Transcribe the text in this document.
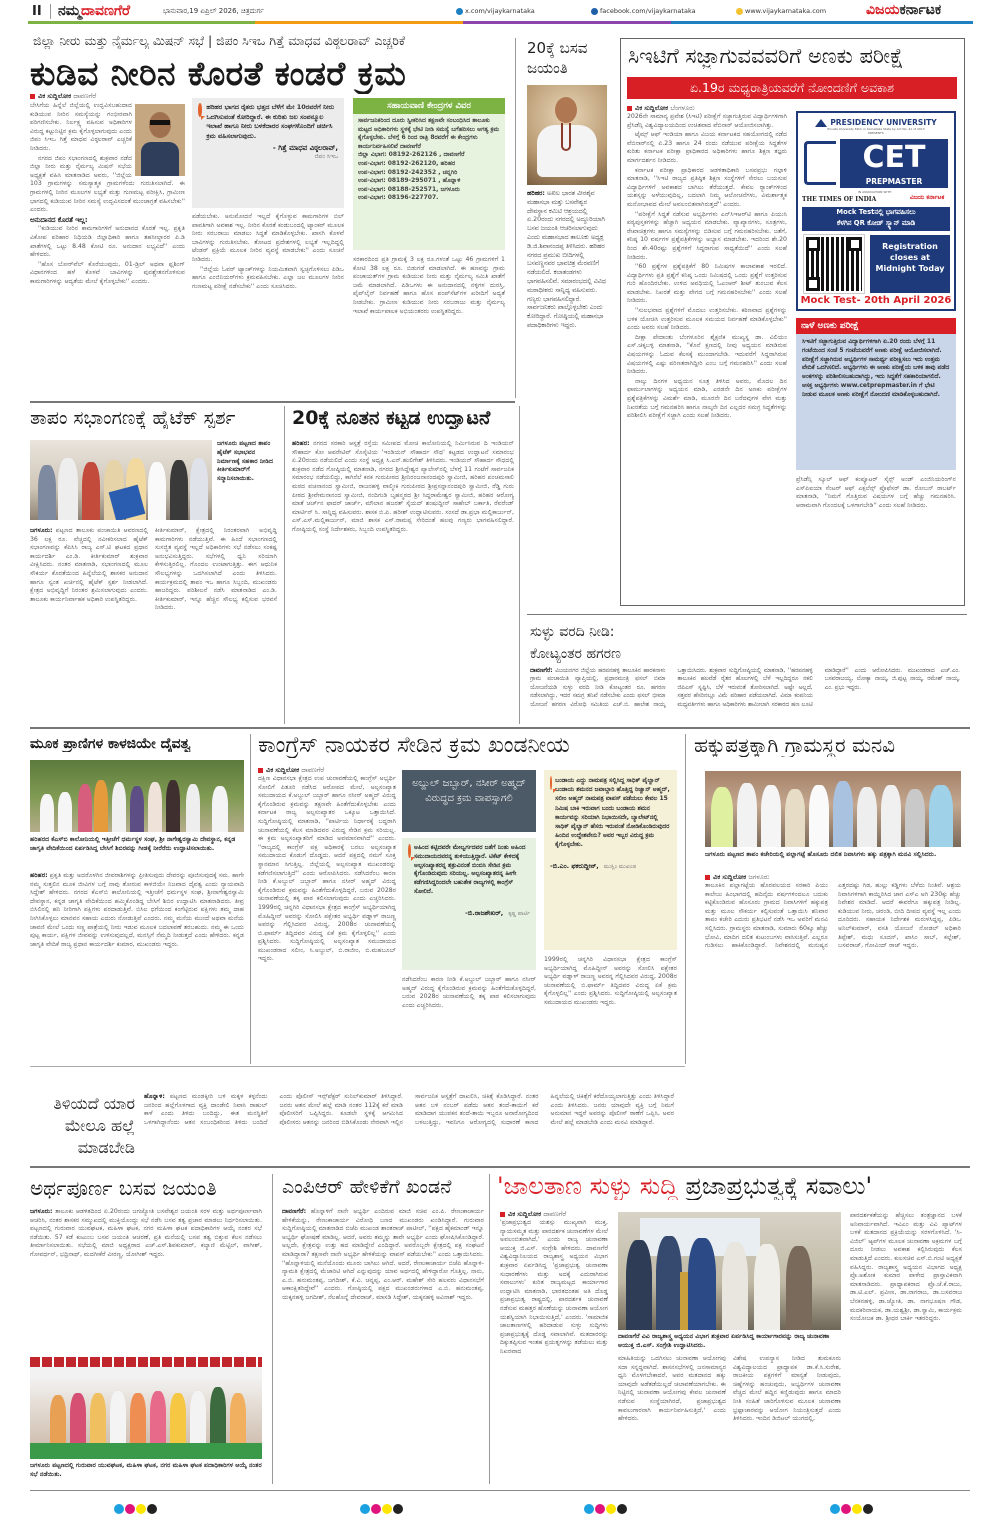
II ನಮ್ಮದಾವಣಗೆರೆ	ಭಾನುವಾರ,19 ಏಪ್ರಿಲ್ 2026, ಚಿತ್ರದುರ್ಗ	x.com/vijaykarnataka	facebook.com/vijaykarnataka	www.vijaykarnataka.com	ವಿಜಯಕರ್ನಾಟಕ
ಜಿಲ್ಲಾ ನೀರು ಮತ್ತು ನೈರ್ಮಲ್ಯ ಮಿಷನ್ ಸಭೆ | ಜಿಪಂ ಸಿಇಒ ಗಿತ್ತೆ ಮಾಧವ ವಿಠ್ಠಲರಾವ್ ಎಚ್ಚರಿಕೆ
ಕುಡಿವ ನೀರಿನ ಕೊರತೆ ಕಂಡರೆ ಕ್ರಮ
ವಿಕ ಸುದ್ದಿಲೋಕ ದಾವಣಗೆರೆ

ಬೇಸಿಗೆಯ ಹಿನ್ನೆಲೆ ಜಿಲ್ಲೆಯಲ್ಲಿ ಉದ್ಭವಿಸಬಹುದಾದ ಕುಡಿಯುವ ನೀರಿನ ಸಮಸ್ಯೆಯನ್ನು ಗಂಭೀರವಾಗಿ ಪರಿಗಣಿಸಬೇಕು. ನಿರ್ಲಕ್ಷ್ಯ ವಹಿಸುವ ಅಧಿಕಾರಿಗಳ ವಿರುದ್ಧ ಕಟ್ಟುನಿಟ್ಟಿನ ಕ್ರಮ ಕೈಗೊಳ್ಳಲಾಗುವುದು ಎಂದು ಜಿಪಂ ಸಿಇಒ ಗಿತ್ತೆ ಮಾಧವ ವಿಠ್ಠಲರಾವ್ ಎಚ್ಚರಿಕೆ ನೀಡಿದರು.

ನಗರದ ಜಿಪಂ ಸಭಾಂಗಣದಲ್ಲಿ ಶುಕ್ರವಾರ ನಡೆದ ಜಿಲ್ಲಾ ನೀರು ಮತ್ತು ನೈರ್ಮಲ್ಯ ಮಿಷನ್ ಸಭೆಯ ಅಧ್ಯಕ್ಷತೆ ವಹಿಸಿ ಮಾತನಾಡಿದ ಅವರು, ''ಜಿಲ್ಲೆಯ 103 ಗ್ರಾಮಗಳನ್ನು ಸಮಸ್ಯಾತ್ಮಕ ಗ್ರಾಮಗಳೆಂದು ಗುರುತಿಸಲಾಗಿದೆ. ಈ ಗ್ರಾಮಗಳಲ್ಲಿ ನೀರಿನ ಮೂಲಗಳ ಲಭ್ಯತೆ ಮತ್ತು ಗುಣಮಟ್ಟ ಪರೀಕ್ಷಿಸಿ, ಗ್ರಾಮೀಣ ಭಾಗದಲ್ಲಿ ಕುಡಿಯುವ ನೀರಿನ ಸಮಸ್ಯೆ ಉದ್ಭವಿಸದಂತೆ ಮುಂಜಾಗ್ರತೆ ವಹಿಸಬೇಕು'' ಎಂದರು.

ಅನುದಾನದ ಕೊರತೆ ಇಲ್ಲ:

''ಕುಡಿಯುವ ನೀರಿನ ಕಾಮಗಾರಿಗಳಿಗೆ ಅನುದಾನದ ಕೊರತೆ ಇಲ್ಲ. ಪ್ರಕೃತಿ ವಿಕೋಪ ಪರಿಹಾರ ನಿಧಿಯಡಿ ಜಿಲ್ಲಾಧಿಕಾರಿ ಹಾಗೂ ತಹಸೀಲ್ದಾರರ ಪಿ.ಡಿ ಖಾತೆಗಳಲ್ಲಿ ಒಟ್ಟು 8.48 ಕೋಟಿ ರೂ. ಅನುದಾನ ಲಭ್ಯವಿದೆ'' ಎಂದು ಹೇಳಿದರು.

''ಹೊಸ ಬೋರ್‌ವೆಲ್ ಕೊರೆಯುವುದು, 01-ಡ್ರಿಲ್ ಅಥವಾ ಫ್ಲಶಿಂಗ್ ವಿಧಾನಗಳಿಂದ ಹಳೆ ಕೊಳವೆ ಬಾವಿಗಳನ್ನು ಪುನಶ್ಚೇತನಗೊಳಿಸುವ ಕಾಮಗಾರಿಗಳನ್ನು ಆದ್ಯತೆಯ ಮೇಲೆ ಕೈಗೊಳ್ಳಬೇಕು'' ಎಂದರು.

ಹರಿಹರ ಭಾಗದ ರೈತರು ಭತ್ತದ ಬೆಳೆಗೆ ಮೇ 10ರವರೆಗೆ ನೀರು ಒದಗಿಸುವಂತೆ ಕೋರಿದ್ದಾರೆ. ಈ ಕುರಿತು ಜಲ ಸಂಪನ್ಮೂಲ ಇಲಾಖೆ ಹಾಗೂ ನೀರು ಬಳಕೆದಾರರ ಸಂಘಗಳೊಂದಿಗೆ ಚರ್ಚಿಸಿ ಕ್ರಮ ವಹಿಸಲಾಗುವುದು.
- ಗಿತ್ತೆ ಮಾಧವ ವಿಠ್ಠಲರಾವ್,
ಜಿಪಂ ಸಿಇಒ

ಪಡೆಯಬೇಕು. ಅನುಮೋದನೆ ಇಲ್ಲದೆ ಕೈಗೊಳ್ಳುವ ಕಾಮಗಾರಿಗಳ ಬಿಲ್ ಪಾವತಿಗಾಗಿ ಅವಕಾಶ ಇಲ್ಲ. ನೀರಿನ ಕೊರತೆ ಕಂಡುಬಂದಲ್ಲಿ ಟ್ಯಾಂಕರ್ ಮೂಲಕ ನೀರು ಸರಬರಾಜು ಮಾಡಲು ಸಿದ್ಧತೆ ಮಾಡಿಕೊಳ್ಳಬೇಕು. ಖಾಸಗಿ ಕೊಳವೆ ಬಾವಿಗಳನ್ನು ಗುರುತಿಸಬೇಕು. ತೋಟದ ಪ್ರದೇಶಗಳಲ್ಲಿ ಲಭ್ಯತೆ ಇಲ್ಲದಿದ್ದಲ್ಲಿ ಟೆಂಡರ್ ಪ್ರಕ್ರಿಯೆ ಮೂಲಕ ನೀರಿನ ವ್ಯವಸ್ಥೆ ಮಾಡಬೇಕು'' ಎಂದು ಸೂಚನೆ ನೀಡಿದರು.

''ಜಿಲ್ಲೆಯ ಓವರ್ ಟ್ಯಾಂಕ್‌ಗಳನ್ನು ನಿಯಮಿತವಾಗಿ ಸ್ವಚ್ಛಗೊಳಿಸಲು ಪಿಡಿಒ ಹಾಗೂ ಎಂಜಿನಿಯರ್‌ಗಳು ಕ್ರಮವಹಿಸಬೇಕು. ಎಲ್ಲಾ ಜಲ ಮೂಲಗಳ ನೀರಿನ ಗುಣಮಟ್ಟ ಪರೀಕ್ಷೆ ನಡೆಸಬೇಕು'' ಎಂದು ಸೂಚಿಸಿದರು.

ಸಹಾಯವಾಣಿ ಕೇಂದ್ರಗಳ ವಿವರ
ಸಾರ್ವಜನಿಕರಿಂದ ದೂರು ಸ್ವೀಕರಿಸಿದ ತಕ್ಷಣವೇ ಸಂಬಂಧಿಸಿದ ತಾಲೂಕು ಮಟ್ಟದ ಅಧಿಕಾರಿಗಳು ಸ್ಥಳಕ್ಕೆ ಭೇಟಿ ನೀಡಿ ಸಮಸ್ಯೆ ಬಗೆಹರಿಸಲು ಅಗತ್ಯ ಕ್ರಮ ಕೈಗೊಳ್ಳಬೇಕು. ಬೆಳಗ್ಗೆ 6 ರಿಂದ ರಾತ್ರಿ 8ರವರೆಗೆ ಈ ಕೇಂದ್ರಗಳು ಕಾರ್ಯನಿರ್ವಹಿಸಲಿವೆ ದಾವಣಗೆರೆ
ಜಿಲ್ಲಾ ವಿಭಾಗ: 08192-262126 , ದಾವಣಗೆರೆ
ಉಪ-ವಿಭಾಗ: 08192-262120, ಹರಿಹರ
ಉಪ-ವಿಭಾಗ: 08192-242352 , ಚನ್ನಗಿರಿ
ಉಪ-ವಿಭಾಗ: 08189-295071 , ಹೊನ್ನಾಳಿ
ಉಪ-ವಿಭಾಗ: 08188-252571, ಜಗಳೂರು
ಉಪ-ವಿಭಾಗ: 08196-227707.

ಸರಕಾರದಿಂದ ಪ್ರತಿ ಗ್ರಾಮಕ್ಕೆ 3 ಲಕ್ಷ ರೂ.ಗಳಂತೆ ಒಟ್ಟು 46 ಗ್ರಾಮಗಳಿಗೆ 1 ಕೋಟಿ 38 ಲಕ್ಷ ರೂ. ಬಿಡುಗಡೆ ಮಾಡಲಾಗಿದೆ. ಈ ಹಣವನ್ನು ಗ್ರಾಮ ಪಂಚಾಯತ್‌ಗಳ ಗ್ರಾಮ ಕುಡಿಯುವ ನೀರು ಮತ್ತು ನೈರ್ಮಲ್ಯ ಸಮಿತಿ ಖಾತೆಗೆ ಜಮೆ ಮಾಡಲಾಗಿದೆ. ಪಿಡಿಒಗಳು ಈ ಅನುದಾನದಲ್ಲಿ ನಳ್ಳಿಗಳ ದುರಸ್ತಿ, ಪೈಪ್‌ಲೈನ್ ನಿರ್ವಹಣೆ ಹಾಗೂ ಹೊಸ ಪಂಪ್‌ಸೆಟ್‌ಗಳ ಖರೀದಿಗೆ ಅದ್ಯತೆ ನೀಡಬೇಕು. ಗ್ರಾಮೀಣ ಕುಡಿಯುವ ನೀರು ಸರಬರಾಜು ಮತ್ತು ನೈರ್ಮಲ್ಯ ಇಲಾಖೆ ಕಾರ್ಯಪಾಲಕ ಅಭಿಯಂತರರು ಉಪಸ್ಥಿತರಿದ್ದರು.

20ಕ್ಕೆ ಬಸವ ಜಯಂತಿ
ಹರಿಹರ: ಅಖಿಲ ಭಾರತ ವೀರಶೈವ ಮಹಾಸಭಾ ಮತ್ತು ಬಸವೇಶ್ವರ ದೇವಸ್ಥಾನ ಕಮಿಟಿ ಆಶ್ರಯದಲ್ಲಿ ಏ.20ರಂದು ನಗರದಲ್ಲಿ ಅದ್ಧೂರಿಯಾಗಿ ಬಸವ ಜಯಂತಿ ಆಚರಿಸಲಾಗುವುದು ಎಂದು ಮಹಾಸಭಾದ ತಾಲೂಕು ಅಧ್ಯಕ್ಷ ಡಿ.ಜಿ.ಶಿವಾನಂದಪ್ಪ ತಿಳಿಸಿದರು. ಹರಿಹರ ನಗರದ ಪ್ರಮುಖ ಬೀದಿಗಳಲ್ಲಿ ಬಸವಣ್ಣನವರ ಭಾವಚಿತ್ರ ಮೆರವಣಿಗೆ ನಡೆಯಲಿದೆ. ಕಲಾತಂಡಗಳು ಭಾಗವಹಿಸಲಿವೆ. ಸಮಾರಂಭದಲ್ಲಿ ವಿವಿಧ ಮಠಾಧೀಶರು ಸಾನ್ನಿಧ್ಯ ವಹಿಸುವರು. ಗಣ್ಯರು ಭಾಗವಹಿಸಲಿದ್ದಾರೆ. ಸಾರ್ವಜನಿಕರು ಪಾಲ್ಗೊಳ್ಳಬೇಕು ಎಂದು ಕೋರಿದ್ದಾರೆ. ಗೋಷ್ಠಿಯಲ್ಲಿ ಮಹಾಸಭಾ ಪದಾಧಿಕಾರಿಗಳು ಇದ್ದರು.
ಸಿಇಟಿಗೆ ಸಜ್ಜಾಗುವವವರಿಗೆ ಅಣಕು ಪರೀಕ್ಷೆ
ಏ.19ರ ಮಧ್ಯರಾತ್ರಿಯವರೆಗೆ ನೋಂದಣಿಗೆ ಅವಕಾಶ
ವಿಕ ಸುದ್ದಿಲೋಕ ಬೆಂಗಳೂರು

2026ನೇ ಸಾಮಾನ್ಯ ಪ್ರವೇಶ (ಸಿಇಟಿ) ಪರೀಕ್ಷೆಗೆ ಸಜ್ಜಾಗುತ್ತಿರುವ ವಿದ್ಯಾರ್ಥಿಗಳಿಗಾಗಿ ಪ್ರೆಸಿಡೆನ್ಸಿ ವಿಶ್ವವಿದ್ಯಾಲಯದಿಂದ ಉಚಿತವಾದ ವೆಬಿನಾರ್ ಆಯೋಜಿಸಲಾಗಿತ್ತು.

ಟೈಮ್ಸ್ ಆಫ್ ಇಂಡಿಯಾ ಹಾಗೂ ವಿಜಯ ಕರ್ನಾಟಕದ ಸಹಯೋಗದಲ್ಲಿ ನಡೆದ ವೆಬಿನಾರ್‌ನಲ್ಲಿ ಏ.23 ಹಾಗೂ 24 ರಂದು ನಡೆಯುವ ಪರೀಕ್ಷೆಯ ಸಿದ್ಧತೆಗಳ ಕುರಿತು ಕರ್ನಾಟಕ ಪರೀಕ್ಷಾ ಪ್ರಾಧಿಕಾರದ ಅಧಿಕಾರಿಗಳು ಹಾಗೂ ಶಿಕ್ಷಣ ತಜ್ಞರು ಮಾರ್ಗದರ್ಶನ ನೀಡಿದರು.

ಕರ್ನಾಟಕ ಪರೀಕ್ಷಾ ಪ್ರಾಧಿಕಾರದ ಆಡಳಿತಾಧಿಕಾರಿ ಬಸವಪ್ರಭು ಗಲ್ಗಾಳಿ ಮಾತನಾಡಿ, ''ಸಿಇಟಿ ರಾಜ್ಯದ ಪ್ರತಿಷ್ಠಿತ ಶಿಕ್ಷಣ ಸಂಸ್ಥೆಗಳಿಗೆ ಸೇರಲು ಬಯಸುವ ವಿದ್ಯಾರ್ಥಿಗಳಿಗೆ ಅವಕಾಶದ ಬಾಗಿಲು ತೆರೆಯುತ್ತದೆ. ಕೇವಲ ರ‍್ಯಾಂಕ್‌ಗಳಿಂದ ಯಶಸ್ಸನ್ನು ಅಳೆಯುವುದಿಲ್ಲ, ಬದಲಾಗಿ ನಿಮ್ಮ ಆಲೋಚನೆಗಳು, ವಿಮರ್ಶಾತ್ಮಕ ಮನೋಭಾವದ ಮೇಲೆ ಅವಲಂಬಿತವಾಗಿರುತ್ತದೆ'' ಎಂದರು.

''ಪರೀಕ್ಷೆಗೆ ಸಿದ್ಧತೆ ನಡೆಸುವ ಅಭ್ಯರ್ಥಿಗಳು ಎನ್‌ಸಿಇಆರ್‌ಟಿ ಹಾಗೂ ಪಿಯುಸಿ ಪಠ್ಯಪುಸ್ತಕಗಳನ್ನು ಹೆಚ್ಚಾಗಿ ಅಧ್ಯಯನ ಮಾಡಬೇಕು. ವ್ಯಾಖ್ಯಾನಗಳು, ಸೂತ್ರಗಳು, ರೇಖಾಚಿತ್ರಗಳು ಹಾಗೂ ಸಮಸ್ಯೆಗಳನ್ನು ಬಿಡಿಸುವ ಬಗ್ಗೆ ಗಮನಹರಿಸಬೇಕು. ಜತೆಗೆ, ಕನಿಷ್ಠ 10 ವರ್ಷಗಳ ಪ್ರಶ್ನೆಪತ್ರಿಕೆಗಳನ್ನು ಅಭ್ಯಾಸ ಮಾಡಬೇಕು. ಇದರಿಂದ ಶೇ.20 ರಿಂದ ಶೇ.40ರಷ್ಟು ಪ್ರಶ್ನೆಗಳಿಗೆ ಸಿದ್ಧರಾಗುವ ಸಾಧ್ಯತೆಯಿದೆ'' ಎಂದು ಸಲಹೆ ನೀಡಿದರು.

''60 ಪ್ರಶ್ನೆಗಳ ಪ್ರಶ್ನೆಪತ್ರಿಕೆಗೆ 80 ನಿಮಿಷಗಳ ಕಾಲಾವಕಾಶ ಇರಲಿದೆ. ವಿದ್ಯಾರ್ಥಿಗಳು ಪ್ರತಿ ಪ್ರಶ್ನೆಗೆ ಕನಿಷ್ಠ ಒಂದು ನಿಮಿಷದಲ್ಲಿ ಒಂದು ಪ್ರಶ್ನೆಗೆ ಉತ್ತರಿಸುವ ಗುರಿ ಹೊಂದಿರಬೇಕು. ಉಳಿದ ಅವಧಿಯಲ್ಲಿ ಓಎಂಆರ್ ಶೀಟ್ ತುಂಬುವ ಕೆಲಸ ಮಾಡಬೇಕು. ನಿಖರತೆ ಮತ್ತು ವೇಗದ ಬಗ್ಗೆ ಗಮನಹರಿಸಬೇಕು'' ಎಂದು ಸಲಹೆ ನೀಡಿದರು.

''ಸುಲಭವಾದ ಪ್ರಶ್ನೆಗಳಿಗೆ ಮೊದಲು ಉತ್ತರಿಸಬೇಕು. ಕಠಿಣವಾದ ಪ್ರಶ್ನೆಗಳನ್ನು ಬಳಿಕ ಯೋಚಿಸಿ ಉತ್ತರಿಸುವ ಮೂಲಕ ಸಮಯದ ನಿರ್ವಹಣೆ ಮಾಡಿಕೊಳ್ಳಬೇಕು'' ಎಂದು ಅವರು ಸಲಹೆ ನೀಡಿದರು.

ದೀಕ್ಷಾ ಪೇದಾಂತು ಬೆಂಗಳೂರಿನ ಶೈಕ್ಷಣಿಕ ಮುಖ್ಯಸ್ಥ ಡಾ. ವಿಲಿಯಂ ಎಸ್.ಚಿಕ್ಕಬಳ್ಳಿ ಮಾತನಾಡಿ, ''ಕೊನೆ ಕ್ಷಣದಲ್ಲಿ ನೀವು ಅಧ್ಯಯನ ಮಾಡಿರುವ ವಿಷಯಗಳನ್ನು ಓದುವ ಕೆಲಸಕ್ಕೆ ಮುಂದಾಗಬೇಡಿ. ಇದುವರೆಗೆ ಸಿದ್ಧರಾಗಿರುವ ವಿಷಯಗಳಲ್ಲಿ ಎಷ್ಟು ಪರಿಣತರಾಗಿದ್ದೀರಿ ಎಂಬ ಬಗ್ಗೆ ಗಮನಹರಿಸಿ'' ಎಂದು ಸಲಹೆ ನೀಡಿದರು.

ನಾಲ್ಕು ದಿನಗಳ ಅಧ್ಯಯನ ಸೂತ್ರ ತಿಳಿಸಿದ ಅವರು, ಮೊದಲ ದಿನ ಫಾರ್ಮುಲಾಗಳನ್ನು ಅಧ್ಯಯನ ಮಾಡಿ, ಎರಡನೇ ದಿನ ಅಣಕು ಪರೀಕ್ಷೆಗಳ ಪ್ರಶ್ನೆಪತ್ರಿಕೆಗಳನ್ನು ವಿಮರ್ಶೆ ಮಾಡಿ, ಮೂರನೇ ದಿನ ಬರೆದವುಗಳ ವೇಗ ಮತ್ತು ನಿಖರತೆಯ ಬಗ್ಗೆ ಗಮನಹರಿಸಿ ಹಾಗೂ ನಾಲ್ಕನೇ ದಿನ ಎಲ್ಲದರ ಸಮಗ್ರ ಸಿದ್ಧತೆಗಳನ್ನು ಪರಿಶೀಲಿಸಿ ಪರೀಕ್ಷೆಗೆ ಸಜ್ಜಾಗಿ ಎಂದು ಸಲಹೆ ನೀಡಿದರು.

PRESIDENCY UNIVERSITY
Private University Estd. in Karnataka State by Act No. 41 of 2013
PRESENTS
CET
PREPMASTER
IN ASSOCIATION WITH
THE TIMES OF INDIA	ವಿಜಯ ಕರ್ನಾಟಕ
Mock Testನಲ್ಲಿ ಭಾಗವಹಿಸಲು
ಕೆಳಗಿನ QR ಕೋಡ್ ಸ್ಕ್ಯಾನ್ ಮಾಡಿ
Registration closes at Midnight Today
Mock Test- 20th April 2026
ನಾಳೆ ಅಣಕು ಪರೀಕ್ಷೆ
ಸಿಇಟಿಗೆ ಸಜ್ಜಾಗುತ್ತಿರುವ ವಿದ್ಯಾರ್ಥಿಗಳಿಗಾಗಿ ಏ.20 ರಂದು ಬೆಳಗ್ಗೆ 11 ಗಂಟೆಯಿಂದ ಸಂಜೆ 5 ಗಂಟೆಯವರೆಗೆ ಅಣಕು ಪರೀಕ್ಷೆ ಆಯೋಜಿಸಲಾಗಿದೆ. ಪರೀಕ್ಷೆಗೆ ಸಜ್ಜಾಗಿರುವ ಅಭ್ಯರ್ಥಿಗಳ ಸಾಮರ್ಥ್ಯ ಪರೀಕ್ಷಿಸಲು ಇದು ಉತ್ತಮ ವೇದಿಕೆ ಒದಗಿಸಲಿದೆ. ಅಭ್ಯರ್ಥಿಗಳು ಈ ಅಣಕು ಪರೀಕ್ಷೆಯ ಬಳಿಕ ತಾವು ಪಡೆದ ಅಂಕಗಳನ್ನು ಪರಿಶೀಲಿಸಬಹುದಾಗಿದ್ದು, ಇದು ಸಿದ್ಧತೆಗೆ ಸಹಕಾರಿಯಾಗಲಿದೆ. ಆಸಕ್ತ ಅಭ್ಯರ್ಥಿಗಳು www.cetprepmaster.in ಗೆ ಭೇಟಿ ನೀಡುವ ಮೂಲಕ ಅಣಕು ಪರೀಕ್ಷೆಗೆ ನೋಂದಣಿ ಮಾಡಿಕೊಳ್ಳಬಹುದಾಗಿದೆ.

ಪ್ರೆಸಿಡೆನ್ಸಿ ಸ್ಕೂಲ್ ಆಫ್ ಕಂಪ್ಯೂಟರ್ ಸೈನ್ಸ್ ಅಂಡ್ ಎಂಜಿನಿಯರಿಂಗ್‌ನ ಎಸ್‌ಪಿಐಯಾ ಸೆಂಟರ್ ಆಫ್ ಎಕ್ಸಲೆನ್ಸ್ ಪ್ರೊಫೆಸರ್ ಡಾ. ರೋಬನ್ ರಾಬರ್ಟ್ ಮಾತನಾಡಿ, ''ನಿಮಗೆ ಗೊತ್ತಿರುವ ವಿಷಯಗಳ ಬಗ್ಗೆ ಹೆಚ್ಚು ಗಮನಹರಿಸಿ. ಆರಾಮವಾಗಿ ಗೊಂದಲಕ್ಕೆ ಒಳಗಾಗಬೇಡಿ'' ಎಂದು ಸಲಹೆ ನೀಡಿದರು.

ತಾಪಂ ಸಭಾಂಗಣಕ್ಕೆ ಹೈಟೆಕ್ ಸ್ಪರ್ಶ
ಜಗಳೂರು ಪಟ್ಟಣದ ತಾಪಂ ಹೈಟೆಕ್ ಸಭಾಭವನ ನಿರ್ಮಾಣಕ್ಕೆ ಸಹಕಾರ ನೀಡಿದ ಕೀರ್ತಿಕುಮಾರ್‌ಗೆ ಸನ್ಮಾನಿಸಲಾಯಿತು.
ಜಗಳೂರು: ಪಟ್ಟಣದ ತಾಲೂಕು ಪಂಚಾಯಿತಿ ಆವರಣದಲ್ಲಿ 36 ಲಕ್ಷ ರೂ. ವೆಚ್ಚದಲ್ಲಿ ನವೀಕರಿಸಲಾದ ಹೈಟೆಕ್ ಸಭಾಂಗಣವನ್ನು ಕೆಪಿಸಿಸಿ ರಾಜ್ಯ ಎಸ್.ಟಿ ಘಟಕದ ಪ್ರಧಾನ ಕಾರ್ಯದರ್ಶಿ ಎಂ.ಡಿ. ಕೀರ್ತಿಕುಮಾರ್ ಶುಕ್ರವಾರ ವೀಕ್ಷಿಸಿದರು. ನಂತರ ಮಾತನಾಡಿ, ಸಭಾಂಗಣದಲ್ಲಿ ಮೂಲ ಸೌಕರ್ಯ ಕೊರತೆಯಿಂದ ಹಿನ್ನೆಲೆಯಲ್ಲಿ ಶಾಸಕರ ಅನುದಾನ ಹಾಗೂ ಸ್ವಂತ ಖರ್ಚಿನಲ್ಲಿ ಹೈಟೆಕ್ ಸ್ಪರ್ಶ ನೀಡಲಾಗಿದೆ. ಕ್ಷೇತ್ರದ ಅಭಿವೃದ್ಧಿಗೆ ನಿರಂತರ ಶ್ರಮಿಸಲಾಗುವುದು ಎಂದರು. ತಾಲೂಕು ಕಾರ್ಯನಿರ್ವಾಹಕ ಅಧಿಕಾರಿ ಉಪಸ್ಥಿತರಿದ್ದರು.
ಕೀರ್ತಿಕುಮಾರ್, ಕ್ಷೇತ್ರದಲ್ಲಿ ನಿರಂತರವಾಗಿ ಅಭಿವೃದ್ಧಿ ಕಾಮಗಾರಿಗಳು ನಡೆಯುತ್ತಿವೆ. ಈ ಹಿಂದೆ ಸಭಾಂಗಣದಲ್ಲಿ ಸುಸಜ್ಜಿತ ವ್ಯವಸ್ಥೆ ಇಲ್ಲದೆ ಅಧಿಕಾರಿಗಳು ಸಭೆ ನಡೆಸಲು ಸಂಕಷ್ಟ ಅನುಭವಿಸುತ್ತಿದ್ದರು. ಸಭೆಗಳಲ್ಲಿ ಧ್ವನಿ ಸರಿಯಾಗಿ ಕೇಳಿಸುತ್ತಿರಲಿಲ್ಲ. ಗೊಂದಲ ಉಂಟಾಗುತ್ತಿತ್ತು. ಈಗ ಆಧುನಿಕ ಸೌಲಭ್ಯಗಳನ್ನು ಒದಗಿಸಲಾಗಿದೆ ಎಂದು ತಿಳಿಸಿದರು. ಕಾರ್ಯಕ್ರಮದಲ್ಲಿ ತಾಪಂ ಇಒ ಹಾಗೂ ಸಿಬ್ಬಂದಿ, ಮುಖಂಡರು ಹಾಜರಿದ್ದರು. ಪರಿಶೀಲನೆ ನಡೆಸಿ ಮಾತನಾಡಿದ ಎಂ.ಡಿ. ಕೀರ್ತಿಕುಮಾರ್, ಇನ್ನೂ ಹೆಚ್ಚಿನ ಸೌಲಭ್ಯ ಕಲ್ಪಿಸುವ ಭರವಸೆ ನೀಡಿದರು.
20ಕ್ಕೆ ನೂತನ ಕಟ್ಟಡ ಉದ್ಘಾಟನೆ
ಹರಿಹರ: ನಗರದ ಸರಕಾರಿ ಆಸ್ಪತ್ರೆ ರಸ್ತೆಯ ಸಮೀಪದ ಮೋಚಿ ಕಾಲೋನಿಯಲ್ಲಿ ನಿರ್ಮಿಸಿರುವ ದಿ ಇಂಡಿಯನ್ ಸೌಹಾರ್ದ ಕೋ ಆಪರೇಟಿವ್ ಸೊಸೈಟಿಯ 'ಇಂಡಿಯನ್ ಸೌಹಾರ್ದ ಸೌಧ' ಕಟ್ಟಡದ ಉದ್ಘಾಟನೆ ಸಮಾರಂಭ ಏ.20ರಂದು ನಡೆಯಲಿದೆ ಎಂದು ಸಂಸ್ಥೆ ಅಧ್ಯಕ್ಷ ಸಿ.ಎನ್.ಹುಲಿಗೇಶ್ ತಿಳಿಸಿದರು. ಇಂಡಿಯನ್ ಸೌಹಾರ್ದ ಸೌಧದಲ್ಲಿ ಶುಕ್ರವಾರ ನಡೆದ ಗೋಷ್ಠಿಯಲ್ಲಿ ಮಾತನಾಡಿ, ನಗರದ ಶ್ರೀಸಿದ್ದೇಶ್ವರ ಪ್ಯಾಲೇಸ್‌ನಲ್ಲಿ ಬೆಳಗ್ಗೆ 11 ಗಂಟೆಗೆ ಸಾರ್ವಜನಿಕ ಸಮಾರಂಭ ನಡೆಯಲಿದ್ದು, ಕಾಗಿನೆಲೆ ಕನಕ ಗುರುಪೀಠದ ಶ್ರೀನಿರಂಜನಾನಂದಪುರಿ ಸ್ವಾಮೀಜಿ, ಹರಿಹರ ಪಂಚಮಸಾಲಿ ಮಠದ ವಚನಾನಂದ ಸ್ವಾಮೀಜಿ, ರಾಜನಹಳ್ಳಿ ವಾಲ್ಮೀಕಿ ಗುರುಪೀಠದ ಶ್ರೀಪ್ರಸನ್ನಾನಂದಪುರಿ ಸ್ವಾಮೀಜಿ, ರೆಡ್ಡಿ ಗುರು ಪೀಠದ ಶ್ರೀವೇಮನಾನಂದ ಸ್ವಾಮೀಜಿ, ನಂದಿಗುಡಿ ಬೃಹನ್ಮಠದ ಶ್ರೀ ಸಿದ್ಧರಾಮೇಶ್ವರ ಸ್ವಾಮೀಜಿ, ಹರಿಹರ ಆರೋಗ್ಯ ಮಾತೆ ಚರ್ಚ್‌ನ ಫಾದರ್ ಜಾರ್ಜ್, ಮೌಲಾನ ಹಜರತ್ ಸೈಯದ್ ಶಂಷುದ್ದೀನ್ ಸಾಹೇಬ್ ಬರ್ಕಾತಿ, ರೆವರೆಂಡ್ ಮಾರ್ಟಿನ್ ಸಿ. ಸಾನ್ನಿಧ್ಯ ವಹಿಸುವರು. ಶಾಸಕ ಬಿ.ಪಿ. ಹರೀಶ್ ಉದ್ಘಾಟಿಸುವರು. ಸಂಸದೆ ಡಾ.ಪ್ರಭಾ ಮಲ್ಲಿಕಾರ್ಜುನ್, ಎಸ್.ಎಸ್.ಮಲ್ಲಿಕಾರ್ಜುನ್, ಮಾಜಿ ಶಾಸಕ ಎಸ್.ರಾಮಪ್ಪ ಸೇರಿದಂತೆ ಹಲವು ಗಣ್ಯರು ಭಾಗವಹಿಸಲಿದ್ದಾರೆ. ಗೋಷ್ಠಿಯಲ್ಲಿ ಸಂಸ್ಥೆ ನಿರ್ದೇಶಕರು, ಸಿಬ್ಬಂದಿ ಉಪಸ್ಥಿತರಿದ್ದರು.
ಸುಳ್ಳು ವರದಿ ನೀಡಿ: ಕೋಟ್ಯಂತರ ಹಗರಣ
ದಾವಣಗೆರೆ: ವಿಜಯನಗರ ಜಿಲ್ಲೆಯ ಹರಪನಹಳ್ಳಿ ತಾಲೂಕಿನ ಹಾರಕನಾಳು ಗ್ರಾಮ ಪಂಚಾಯಿತಿ ವ್ಯಾಪ್ತಿಯಲ್ಲಿ, ಪ್ರಧಾನಮಂತ್ರಿ ಫಸಲ್ ಬಿಮಾ ಯೋಜನೆಯಡಿ ಸುಳ್ಳು ವರದಿ ನೀಡಿ ಕೋಟ್ಯಂತರ ರೂ. ಹಗರಣ ನಡೆಸಲಾಗಿದ್ದು, ಇದರ ಸಮಗ್ರ ತನಿಖೆ ನಡೆಸಬೇಕು ಎಂದು ಫಸಲ್ ಭೀಮಾ ಯೋಜನೆ ಹಗರಣ ವಿರೋಧಿ ಸಮಿತಿಯ ಎಚ್.ಬಿ. ಹಾಲೇಶ ನಾಯ್ಕ ಒತ್ತಾಯಿಸಿದರು. ಶುಕ್ರವಾರ ಸುದ್ದಿಗೋಷ್ಠಿಯಲ್ಲಿ ಮಾತನಾಡಿ, ''ಹರಪನಹಳ್ಳಿ ತಾಲೂಕಿನ ಹಲವೆಡೆ ರೈತರ ಹೊಲಗಳಲ್ಲಿ ಬೆಳೆ ಇಲ್ಲದಿದ್ದರೂ ನಕಲಿ ಜಿಪಿಎಸ್ ಸೃಷ್ಟಿಸಿ, ಬೆಳೆ ಇರುವಂತೆ ತೋರಿಸಲಾಗಿದೆ. ಅಷ್ಟೇ ಅಲ್ಲದೆ, ಸತ್ತವರ ಹೆಸರಿನಲ್ಲೂ ವಿಮೆ ಪರಿಹಾರ ಪಡೆಯಲಾಗಿದೆ. ವಿಮಾ ಕಂಪನಿಯ ಮಧ್ಯವರ್ತಿಗಳು ಹಾಗೂ ಅಧಿಕಾರಿಗಳು ಶಾಮೀಲಾಗಿ ಸರಕಾರದ ಹಣ ಲೂಟಿ ಮಾಡಿದ್ದಾರೆ'' ಎಂದು ಆರೋಪಿಸಿದರು. ಮುಖಂಡರಾದ ಎಚ್.ಎಂ. ಬಸವರಾಜಯ್ಯ, ಲೋಕ್ಯಾ ನಾಯ್ಕ, ಜಿ.ಪುಟ್ಟ ನಾಯ್ಕ, ರಮೇಶ್ ನಾಯ್ಕ, ಎಂ. ಪ್ರಭು ಇದ್ದರು.
ಮೂಕ ಪ್ರಾಣಿಗಳ ಕಾಳಜಿಯೇ ದೈವತ್ವ
ಹರಿಹರದ ಕೆಎಸ್‌ಬಿ ಕಾಲೋನಿಯಲ್ಲಿ ಇತ್ತೀಚೆಗೆ ಧರ್ಮಸ್ಥಳ ಸಂಘ, ಶ್ರೀ ನಾಗೇಶ್ವರಸ್ವಾಮಿ ದೇವಸ್ಥಾನ, ಕನ್ನಡ ಜಾಗೃತಿ ವೇದಿಕೆಯಿಂದ ಏರ್ಪಡಿಸಿದ್ದ ಬೇಸಿಗೆ ಶಿಬಿರವನ್ನು ಗೀಡಕ್ಕೆ ನೀರೆರೆದು ಉದ್ಘಾಟಿಸಲಾಯಿತು.
ಹರಿಹರ: ಪ್ರಕೃತಿ ಮತ್ತು ಅದರೊಳಗಿನ ಜೀವರಾಶಿಗಳನ್ನು ಪ್ರೀತಿಸುವುದು ದೇವರನ್ನು ಪೂಜಿಸುವುದಕ್ಕೆ ಸಮ. ಹಾಗೇ ನಮ್ಮ ಸುತ್ತಲಿನ ಮೂಕ ಜೀವಿಗಳ ಬಗ್ಗೆ ನಾವು ತೋರುವ ಕಾಳಜಿಯೇ ನಿಜವಾದ ದೈವತ್ವ ಎಂದು ನ್ಯಾಯವಾದಿ ಸಿದ್ದೇಶ್ ಹೇಳಿದರು. ನಗರದ ಕೆಎಸ್‌ಬಿ ಕಾಲೋನಿಯಲ್ಲಿ ಇತ್ತೀಚೆಗೆ ಧರ್ಮಸ್ಥಳ ಸಂಘ, ಶ್ರೀನಾಗೇಶ್ವರಸ್ವಾಮಿ ದೇವಸ್ಥಾನ, ಕನ್ನಡ ಜಾಗೃತಿ ವೇದಿಕೆಯಿಂದ ಹಮ್ಮಿಕೊಂಡಿದ್ದ ಬೇಸಿಗೆ ಶಿಬಿರ ಉದ್ಘಾಟಿಸಿ ಮಾತನಾಡಿದರು. ತೀವ್ರ ಬಿಸಿಲಿನಲ್ಲಿ ಹನಿ ನೀರಿಗಾಗಿ ಪಕ್ಷಿಗಳು ಪರದಾಡುತ್ತಿವೆ. ಬಿಸಿಲ ಧಗೆಯಿಂದ ಕಂಗೆಟ್ಟಿರುವ ಪಕ್ಷಿಗಳು ತಮ್ಮ ದಾಹ ನೀಗಿಸಿಕೊಳ್ಳಲು ಮಾನವನ ಸಹಾಯ ಎದುರು ನೋಡುತ್ತಿವೆ ಎಂದರು. ನಮ್ಮ ಮನೆಯ ಮುಂದೆ ಅಥವಾ ಮನೆಯ ಚಾವಣಿ ಮೇಲೆ ಒಂದು ಸಣ್ಣ ಪಾತ್ರೆಯಲ್ಲಿ ನೀರು ಇಡುವ ಮೂಲಕ ಬದಲಾವಣೆ ತರಬಹುದು. ನಮ್ಮ ಈ ಒಂದು ಪುಟ್ಟ ಕಾರ್ಯ, ಪಕ್ಷಿಗಳ ಜೀವವನ್ನು ಉಳಿಸುವುದಲ್ಲದೆ, ಮನಸ್ಸಿಗೆ ನೆಮ್ಮದಿ ನೀಡುತ್ತದೆ ಎಂದು ಹೇಳಿದರು. ಕನ್ನಡ ಜಾಗೃತಿ ವೇದಿಕೆ ರಾಜ್ಯ ಪ್ರಧಾನ ಕಾರ್ಯದರ್ಶಿ ಕುಮಾರ, ಮುಖಂಡರು ಇದ್ದರು.
ಕಾಂಗ್ರೆಸ್ ನಾಯಕರ ಸೇಡಿನ ಕ್ರಮ ಖಂಡನೀಯ
ವಿಕ ಸುದ್ದಿಲೋಕ ದಾವಣಗೆರೆ
ದಕ್ಷಿಣ ವಿಧಾನಸಭಾ ಕ್ಷೇತ್ರದ ಉಪ ಚುನಾವಣೆಯಲ್ಲಿ ಕಾಂಗ್ರೆಸ್ ಅಭ್ಯರ್ಥಿ ಸೋಲಿಗೆ ಪಿತೂರಿ ನಡೆಸಿದ ಆರೋಪದ ಮೇಲೆ, ಅಲ್ಪಸಂಖ್ಯಾತ ಸಮುದಾಯದ ಕೆ.ಅಬ್ದುಲ್ ಜಬ್ಬಾರ್ ಹಾಗೂ ನಸೀರ್ ಅಹ್ಮದ್ ವಿರುದ್ಧ ಕೈಗೊಂಡಿರುವ ಕ್ರಮವನ್ನು ತಕ್ಷಣವೇ ಹಿಂತೆಗೆದುಕೊಳ್ಳಬೇಕು ಎಂದು ಕರ್ನಾಟಕ ರಾಜ್ಯ ಅಲ್ಪಸಂಖ್ಯಾತರ ಒಕ್ಕೂಟ ಒತ್ತಾಯಿಸಿದೆ. ಸುದ್ದಿಗೋಷ್ಠಿಯಲ್ಲಿ ಮಾತನಾಡಿ, ''ಪಾರ್ಟಿಯ ನಿರ್ಧಾರಕ್ಕೆ ಬದ್ಧರಾಗಿ ಚುನಾವಣೆಯಲ್ಲಿ ಕೆಲಸ ಮಾಡಿದವರ ವಿರುದ್ಧ ಸೇಡಿನ ಕ್ರಮ ಸರಿಯಲ್ಲ. ಈ ಕ್ರಮ ಅಲ್ಪಸಂಖ್ಯಾತರಿಗೆ ಮಾಡಿದ ಅವಮಾನವಾಗಿದೆ'' ಎಂದರು. ''ರಾಜ್ಯದಲ್ಲಿ ಕಾಂಗ್ರೆಸ್ ಪಕ್ಷ ಅಧಿಕಾರಕ್ಕೆ ಬರಲು ಅಲ್ಪಸಂಖ್ಯಾತ ಸಮುದಾಯದ ಕೊಡುಗೆ ದೊಡ್ಡದು. ಆದರೆ ಪಕ್ಷದಲ್ಲಿ ನಮಗೆ ಸೂಕ್ತ ಸ್ಥಾನಮಾನ ಸಿಗುತ್ತಿಲ್ಲ. ಜಿಲ್ಲೆಯಲ್ಲಿ ಅಲ್ಪಸಂಖ್ಯಾತ ಮುಖಂಡರನ್ನು ಕಡೆಗಣಿಸಲಾಗುತ್ತಿದೆ'' ಎಂದು ಆರೋಪಿಸಿದರು. ನಡೆಸಿದರೆಂಬ ಕಾರಣ ನೀಡಿ ಕೆ.ಅಬ್ದುಲ್ ಜಬ್ಬಾರ್ ಹಾಗೂ ನಸೀರ್ ಅಹ್ಮದ್ ವಿರುದ್ಧ ಕೈಗೊಂಡಿರುವ ಕ್ರಮವನ್ನು ಹಿಂತೆಗೆದುಕೊಳ್ಳದಿದ್ದರೆ, ಬರುವ 2028ರ ಚುನಾವಣೆಯಲ್ಲಿ ತಕ್ಕ ಪಾಠ ಕಲಿಸಲಾಗುವುದು ಎಂದು ಎಚ್ಚರಿಸಿದರು. 1999ರಲ್ಲಿ ಚನ್ನಗಿರಿ ವಿಧಾನಸಭಾ ಕ್ಷೇತ್ರದ ಕಾಂಗ್ರೆಸ್ ಅಭ್ಯರ್ಥಿಯಾಗಿದ್ದ ಮೊಹಿದ್ದೀನ್ ಅವರನ್ನು ಸೋಲಿಸಿ ಪಕ್ಷೇತರ ಅಭ್ಯರ್ಥಿ ವಡ್ನಾಳ್ ರಾಜಣ್ಣ ಅವರನ್ನು ಗೆಲ್ಲಿಸಿದವರ ವಿರುದ್ಧ, 2008ರ ಚುನಾವಣೆಯಲ್ಲಿ ಬಿ.ಫಾರ್ಮ್ ತಿದ್ದಿದವರ ವಿರುದ್ಧ ಏಕೆ ಕ್ರಮ ಕೈಗೊಳ್ಳಲಿಲ್ಲ'' ಎಂದು ಪ್ರಶ್ನಿಸಿದರು. ಸುದ್ದಿಗೋಷ್ಠಿಯಲ್ಲಿ ಅಲ್ಪಸಂಖ್ಯಾತ ಸಮುದಾಯದ ಮುಖಂಡರಾದ ಸಲೀಂ, ಸಿ.ಅಬ್ದುಲ್, ಬಿ.ರಾಜೀಂ, ಬಿ.ಮಹಬೂಬ್ ಇದ್ದರು.
ಅಬ್ದುಲ್ ಜಬ್ಬಾರ್, ನಸೀರ್ ಅಹ್ಮದ್ ವಿರುದ್ಧದ ಕ್ರಮ ವಾಪಸ್ಸಾಗಲಿ
ಅಹಿಂದ ಕಟ್ಟಿದವರೇ ಮೇಲ್ವರ್ಗದವರ ಜತೆಗೆ ನಿಂತು ಅಹಿಂದ ಸಮುದಾಯದವರನ್ನ ತುಳಿಯುತ್ತಿದ್ದಾರೆ. ಟಿಕೆಟ್ ಕೇಳಿದಕ್ಕೆ ಅಲ್ಪಸಂಖ್ಯಾತರನ್ನ ಶತ್ರುವಿನಂತೆ ಬಿಂಬಿಸಿ ಸೇಡಿನ ಕ್ರಮ ಕೈಗೊಂಡಿರುವುದು ಸರಿಯಲ್ಲ. ಅಲ್ಪಸಂಖ್ಯಾತರನ್ನ ಹೀಗೇ ಕಡೆಗಣಿಸಿದ್ದರಿಂದಲೇ ಬಹುತೇಕ ರಾಜ್ಯಗಳಲ್ಲಿ ಕಾಂಗ್ರೆಸ್ ಸೋಲಿದೆ.
-ಬಿ.ರಾಜಶೇಖರ್, ಕೃಷ್ಣ ಪಾರ್ಟಿ
ಬಂಡಾಯ ಎದ್ದು ನಾಮಪತ್ರ ಸಲ್ಲಿಸಿದ್ದ ಸಾಧಿಕ್ ಪೈಲ್ವಾನ್ ಬಂಡಾಯ ಶಮನದ ಜವಾಬ್ದಾರಿ ಹೊತ್ತಿದ್ದ ರಿಜ್ವಾನ್ ಅಹ್ಮದ್, ಸಲೀಂ ಅಹ್ಮದ್ ನಾಮಪತ್ರ ವಾಪಸ್ ಪಡೆಯಲು ಕೇವಲ 15 ನಿಮಿಷ ಬಾಕಿ ಇರುವಾಗ ಬಂದು ಬಂಡಾಯ ಶಮನ ಕಾರ್ಯವನ್ನು ಸರಿಯಾಗಿ ನಿಭಾಯಿಸದೇ, ಬ್ಯಾಲೇಟ್‌ನಲ್ಲಿ ಸಾಧಿಕ್ ಪೈಲ್ವಾನ್ ಹೆಸರು ಇರುವಂತೆ ನೋಡಿಕೊಂಡಿರುವುದರ ಹಿಂದಿನ ಉದ್ದೇಶವೇನು? ಅವರ ಇಬ್ಬರ ವಿರುದ್ಧ ಕ್ರಮ ಕೈಗೊಳ್ಳಬೇಕು.
-ಬಿ.ಎಂ. ಫಕರುದ್ದೀನ್, ಮುಸ್ಲಿಂ ಮುಖಂಡ
ನಡೆಸಿದರೆಂಬ ಕಾರಣ ನೀಡಿ ಕೆ.ಅಬ್ದುಲ್ ಜಬ್ಬಾರ್ ಹಾಗೂ ನಸೀರ್ ಅಹ್ಮದ್ ವಿರುದ್ಧ ಕೈಗೊಂಡಿರುವ ಕ್ರಮವನ್ನು ಹಿಂತೆಗೆದುಕೊಳ್ಳದಿದ್ದರೆ, ಬರುವ 2028ರ ಚುನಾವಣೆಯಲ್ಲಿ ತಕ್ಕ ಪಾಠ ಕಲಿಸಲಾಗುವುದು ಎಂದು ಎಚ್ಚರಿಸಿದರು.
1999ರಲ್ಲಿ ಚನ್ನಗಿರಿ ವಿಧಾನಸಭಾ ಕ್ಷೇತ್ರದ ಕಾಂಗ್ರೆಸ್ ಅಭ್ಯರ್ಥಿಯಾಗಿದ್ದ ಮೊಹಿದ್ದೀನ್ ಅವರನ್ನು ಸೋಲಿಸಿ ಪಕ್ಷೇತರ ಅಭ್ಯರ್ಥಿ ವಡ್ನಾಳ್ ರಾಜಣ್ಣ ಅವರನ್ನ ಗೆಲ್ಲಿಸಿದವರ ವಿರುದ್ಧ, 2008ರ ಚುನಾವಣೆಯಲ್ಲಿ ಬಿ.ಫಾರ್ಮ್ ತಿದ್ದಿದವರ ವಿರುದ್ಧ ಏಕೆ ಕ್ರಮ ಕೈಗೊಳ್ಳಲಿಲ್ಲ'' ಎಂದು ಪ್ರಶ್ನಿಸಿದರು. ಸುದ್ದಿಗೋಷ್ಠಿಯಲ್ಲಿ ಅಲ್ಪಸಂಖ್ಯಾತ ಸಮುದಾಯದ ಮುಖಂಡರು ಇದ್ದರು.
ಹಕ್ಕುಪತ್ರಕ್ಕಾಗಿ ಗ್ರಾಮಸ್ಥರ ಮನವಿ
ಜಗಳೂರು ಪಟ್ಟಣದ ತಾಪಂ ಕಚೇರಿಯಲ್ಲಿ ಪಲ್ಲಾಗಟ್ಟೆ ಹೊಸೂರು ದಲಿತ ನಿವಾಸಿಗಳು ಹಕ್ಕು ಪತ್ರಕ್ಕಾಗಿ ಮನವಿ ಸಲ್ಲಿಸಿದರು.
ವಿಕ ಸುದ್ದಿಲೋಕ ಜಗಳೂರು
ತಾಲೂಕಿನ ಪಲ್ಲಾಗಟ್ಟೆಯ ಹೊರವಲಯದ ಸರಕಾರಿ ಪಿಯು ಕಾಲೇಜು ಹಿಂಭಾಗದಲ್ಲಿ ಹದಿನೈದು ವರ್ಷಗಳಿಂದಲೂ ಬದುಕು ಕಟ್ಟಿಕೊಂಡಿರುವ ಹೊಸೂರು ಗ್ರಾಮದ ನಿವಾಸಿಗಳಿಗೆ ಹಕ್ಕುಪತ್ರ ಮತ್ತು ಮೂಲ ಸೌಕರ್ಯ ಕಲ್ಪಿಸುವಂತೆ ಒತ್ತಾಯಿಸಿ ಶನಿವಾರ ತಾಪಂ ಕಚೇರಿ ಎದುರು ಪ್ರತಿಭಟನೆ ನಡೆಸಿ ಇಒ ಅವರಿಗೆ ಮನವಿ ಸಲ್ಲಿಸಿದರು. ಗ್ರಾಮಸ್ಥರು ಮಾತನಾಡಿ, ಸುಮಾರು 60ಕ್ಕೂ ಹೆಚ್ಚು ಭೋವಿ, ಮಾದಿಗ ದಲಿತ ಕುಟುಂಬಗಳು ವಾಸಿಸುತ್ತಿವೆ. ಎಲ್ಲರೂ ಗುಡಿಸಲು ಹಾಕಿಕೊಂಡಿದ್ದಾರೆ. ನಿವೇಶನದಲ್ಲಿ ಮನುಷ್ಯನ ಎತ್ತರದಷ್ಟು ಗಿಡ, ಹುಲ್ಲು ಕಡ್ಡಿಗಳು ಬೆಳೆದು ನಿಂತಿವೆ. ಆಶ್ರಯ ನಿವಾಸಿಗಳಿಗಾಗಿ ಕಾಯ್ದಿರಿಸಿದ ಜಾಗ ಎಸ್‌ಎ ಅಗಿ 230ಕ್ಕು ಹೆಚ್ಚು ನಿವೇಶನ ಮಾಡಿದೆ. ಆದರೆ ಈವರೆಗೂ ಹಕ್ಕುಪತ್ರ ನೀಡಿಲ್ಲ. ಕುಡಿಯುವ ನೀರು, ಚರಂಡಿ, ಬೀದಿ ದೀಪದ ವ್ಯವಸ್ಥೆ ಇಲ್ಲ ಎಂದು ದೂರಿದರು. ಸಹಾಯಕ ನಿರ್ದೇಶಕ ಮರುಳಸಿದ್ದಪ್ಪ, ಪಿಡಿಒ ಅನಿಲ್‌ಕುಮಾರ್, ವಸತಿ ಯೋಜನೆ ನೋಡಲ್ ಅಧಿಕಾರಿ ತಿಪ್ಪೇಶ್, ಮಧು ಸೂದನ್, ಖಾಸಿಂ ಸಾಬ್, ಕಲ್ಲೇಶ್, ಬಸವರಾಜ್, ಗೋವಿಂದ್ ರಾಜ್ ಇದ್ದರು.
ತಿಳಿಯದೆ ಯಾರ ಮೇಲೂ ಹಲ್ಲೆ ಮಾಡಬೇಡಿ
ಹೊನ್ನಾಳಿ: ಪಟ್ಟಣದ ಮಂಡಕ್ಕೀರಿ ಬಳಿ ಮಕ್ಕಳ ಕಳ್ಳನೆಂದು ಜನರಿಂದ ಹಲ್ಲೆಗೊಳಗಾದ ವ್ಯಕ್ತಿ ದಾಂಡೇಲಿ ನಿವಾಸಿ ರಾಹುಲ್ ಕಾಳೆ ಎಂದು ತಿಳಿದು ಬಂದಿದ್ದು, ಈತ ಮನಸ್ಥಿತಿಗೆ ಒಳಗಾಗಿದ್ದಾನೆಂದು ಆತನ ಸಂಬಂಧಿಕರಿಂದ ತಿಳಿದು ಬಂದಿದೆ ಎಂದು ಪೊಲೀಸ್ ಇನ್ಸ್‌ಪೆಕ್ಟರ್ ಸುನಿಲ್‌ಕುಮಾರ್ ತಿಳಿಸಿದ್ದಾರೆ. ಜನರು ಆತನ ಮೇಲೆ ಹಲ್ಲೆ ಮಾಡಿ ನಂತರ 112ಕ್ಕೆ ಕರೆ ಮಾಡಿ ಪೊಲೀಸರಿಗೆ ಒಪ್ಪಿಸಿದ್ದರು. ಕೂಡಲೇ ಸ್ಥಳಕ್ಕೆ ಆಗಮಿಸಿದ ಪೊಲೀಸರು ಆತನನ್ನು ಜನರಿಂದ ಬಿಡಿಸಿಕೊಂಡು ನೇರವಾಗಿ ಇಲ್ಲಿನ ಸಾರ್ವಜನಿಕ ಆಸ್ಪತ್ರೆಗೆ ದಾಖಲಿಸಿ, ಚಿಕಿತ್ಸೆ ಕೊಡಿಸಿದ್ದಾರೆ. ನಂತರ ಆತನ ಬಳಿ ನಂಬರ್ ಪಡೆದು ಆತನ ತಂದೆ-ತಾಯಿಗೆ ಕರೆ ಮಾಡಿದಾಗ ಯುವಕನ ತಂದೆ-ತಾಯಿ ಇಬ್ಬರೂ ಅನಾರೋಗ್ಯದಿಂದ ಬಳಲುತ್ತಿದ್ದು, ಇವನಿಗೂ ಆರೋಗ್ಯದಲ್ಲಿ ಸುಧಾರಣೆ ಕಾಣದ ಹಿನ್ನಲೆಯಲ್ಲಿ ಚಿಕಿತ್ಸೆಗೆ ಕರೆದೊಯ್ಯಲಾಗುತ್ತಿತ್ತು ಎಂದು ತಿಳಿಸಿದ್ದಾರೆ ಎಂದು ತಿಳಿಸಿದರು. ಜನರು ಯಾವುದೇ ವ್ಯಕ್ತಿ ಬಗ್ಗೆ ನಿಮಗೆ ಅನುಮಾನ ಇದ್ದರೆ ಅವರನ್ನು ಪೊಲೀಸ್ ಠಾಣೆಗೆ ಒಪ್ಪಿಸಿ, ಅವರ ಮೇಲೆ ಹಲ್ಲೆ ಮಾಡಬೇಡಿ ಎಂದು ಮನವಿ ಮಾಡಿದ್ದಾರೆ.
ಅರ್ಥಪೂರ್ಣ ಬಸವ ಜಯಂತಿ
ಜಗಳೂರು: ತಾಲೂಕು ಆಡಳಿತದಿಂದ ಏ.20ರಂದು ಜಗಜ್ಯೋತಿ ಬಸವೇಶ್ವರ ಜಯಂತಿ ಸರಳ ಮತ್ತು ಅರ್ಥಪೂರ್ಣವಾಗಿ ಆಚರಿಸಿ, ನಂತರ ಶಾಸಕರ ಸಮ್ಮುಖದಲ್ಲಿ ಮುಕ್ತಿಯೊಂದ್ದು ಸಭೆ ನಡೆಸಿ ಬಸವ ತತ್ವ ಪ್ರಚಾರ ಮಾಡಲು ನಿರ್ಧರಿಸಲಾಯಿತು. ಪಟ್ಟಣದಲ್ಲಿ ಗುರುವಾರ ಯುವಘಟಕ, ಮಹಿಳಾ ಘಟಕ, ನಗರ ಮಹಿಳಾ ಘಟಕ ಪದಾಧಿಕಾರಿಗಳ ಆಯ್ಕೆ ನಂತರ ಸಭೆ ನಡೆಯಿತು. 57 ಕಡೆ ಕುಟುಂಬ ಬಸವ ಜಯಂತಿ ಆಚರಣೆ, ಪ್ರತಿ ಮನೆಯಲ್ಲಿ ಬಸವ ತತ್ವ ಬಿತ್ತುವ ಕೆಲಸ ನಡೆಸಲು ತೀರ್ಮಾನಿಸಲಾಯಿತು. ಸಭೆಯಲ್ಲಿ ಮಾಜಿ ಅಧ್ಯಕ್ಷರಾದ ಎಚ್.ಎಸ್.ಶಿವಕುಮಾರ್, ಕಲ್ಯಾಣಿ ಮೆಟ್ಟಿಲ್, ವಾಗೀಶ್, ಗೋವರ್ಧನ್, ಭಧ್ರಿನಾಥ್, ಮದಗೀಕೆರೆ ವೀರಣ್ಣ, ಯೋಗೀಶ್ ಇದ್ದರು.
ಜಗಳೂರು ಪಟ್ಟಣದಲ್ಲಿ ಗುರುವಾರ ಯುವಘಟಕ, ಮಹಿಳಾ ಘಟಕ, ನಗರ ಮಹಿಳಾ ಘಟಕ ಪದಾಧಿಕಾರಿಗಳ ಆಯ್ಕೆ ನಂತರ ಸಭೆ ನಡೆಯಿತು.
ಎಂಪಿಆರ್ ಹೇಳಿಕೆಗೆ ಖಂಡನೆ
ದಾವಣಗೆರೆ: ಹೊನ್ನಾಳಿಗೆ ನಾನೇ ಅಭ್ಯರ್ಥಿ ಎಂದಿರುವ ಮಾಜಿ ಸಚಿವ ಎಂ.ಪಿ. ರೇಣುಕಾಚಾರ್ಯ ಹೇಳಿಕೆಯನ್ನು, ರೇಣುಕಾಚಾರ್ಯ ವಿರೋಧಿ ಬಣದ ಮುಖಂಡರು ಖಂಡಿಸಿದ್ದಾರೆ. ಗುರುವಾರ ಸುದ್ದಿಗೋಷ್ಠಿಯಲ್ಲಿ ಮಾತನಾಡಿದ ಬಿಜೆಪಿ ಮುಖಂಡ ಶಾಂತರಾಜ್ ಪಾಟೀಲ್, ''ಪಕ್ಷದ ಹೈಕಮಾಂಡ್ ಇನ್ನೂ ಅಭ್ಯರ್ಥಿ ಘೋಷಣೆ ಮಾಡಿಲ್ಲ. ಆದರೆ, ಅವರು ತಮ್ಮನ್ನು ತಾವೇ ಅಭ್ಯರ್ಥಿ ಎಂದು ಘೋಷಿಸಿಕೊಂಡಿದ್ದಾರೆ. ಅಲ್ಲದೇ, ಕ್ಷೇತ್ರವನ್ನು ಉತ್ತು ಹದ ಮಾಡಿದ್ದೇನೆ ಎಂದಿದ್ದಾರೆ. ಅವರೊಬ್ಬರೇ ಕ್ಷೇತ್ರದಲ್ಲಿ ಪಕ್ಷ ಸಂಘಟನೆ ಮಾಡಿದ್ದಾರಾ? ತಕ್ಷಣವೇ ನಾನೇ ಅಭ್ಯರ್ಥಿ ಹೇಳಿಕೆಯನ್ನು ವಾಪಸ್ ಪಡೆಯಬೇಕು'' ಎಂದು ಒತ್ತಾಯಿಸಿದರು. ''ಹೊನ್ನಾಳಿಯಲ್ಲಿ ಮನೆಯೊಂದು ಮೂರು ಬಾಗಿಲು ಆಗಿದೆ. ಅದರೆ, ರೇಣುಕಾಚಾರ್ಯ ಬಿಜೆಪಿ ಹೊನ್ನಾಳಿ-ನ್ಯಾಮತಿ ಕ್ಷೇತ್ರದಲ್ಲಿ ಮೆಜಾರಿಟಿ ಆಗಿದೆ ಎನ್ನುವುದನ್ನು ಯಾವ ಅರ್ಥದಲ್ಲಿ ಹೇಳಿದ್ದಾರೋ ಗೊತ್ತಿಲ್ಲ. ನಾನು, ಎ.ಬಿ. ಹನುಮಂತಪ್ಪ, ಜಗದೀಶ್, ಕೆ.ವಿ. ಚನ್ನಪ್ಪ, ಎಂ.ಆರ್. ಮಹೇಶ್ ಸೇರಿ ಹಲವರು ವಿಧಾನಸಭೆಗೆ ಆಕಾಂಕ್ಷಿತರಿದ್ದೇವೆ'' ಎಂದರು. ಗೋಷ್ಠಿಯಲ್ಲಿ ಪಕ್ಷದ ಮುಖಂಡರುಗಳಾದ ಎ.ಬಿ. ಹನುಮಂತಪ್ಪ, ಯಕ್ಕನಹಳ್ಳಿ ಜಗದೀಶ್, ನೆಲಹೊನ್ನೆ ದೇವರಾಜ್, ಮಾಸಡಿ ಸಿದ್ದೇಶ್, ಯಕ್ಕನಹಳ್ಳಿ ಅವಿನಾಶ್ ಇದ್ದರು.
'ಜಾಲತಾಣ ಸುಳ್ಳು ಸುದ್ದಿ ಪ್ರಜಾಪ್ರಭುತ್ವಕ್ಕೆ ಸವಾಲು'
ವಿಕ ಸುದ್ದಿಲೋಕ ದಾವಣಗೆರೆ
'ಪ್ರಜಾಪ್ರಭುತ್ವದ ಯಶಸ್ಸು ಮುಖ್ಯವಾಗಿ ಮುಕ್ತ, ನ್ಯಾಯಸಮ್ಮತ ಮತ್ತು ಪಾರದರ್ಶಕ ಚುನಾವಣೆಗಳ ಮೇಲೆ ಅವಲಂಬಿತವಾಗಿದೆ,' ಎಂದು ರಾಜ್ಯ ಚುನಾವಣಾ ಆಯುಕ್ತ ಜಿ.ಎಸ್. ಸಂಗ್ರೇಶಿ ಹೇಳಿದರು. ದಾವಣಗೆರೆ ವಿಶ್ವವಿದ್ಯಾನಿಲಯದ ರಾಜ್ಯಶಾಸ್ತ್ರ ಅಧ್ಯಯನ ವಿಭಾಗ ಶುಕ್ರವಾರ ಏರ್ಪಡಿಸಿದ್ದ 'ಪ್ರಜಾಪ್ರಭುತ್ವ ಚುನಾವಣಾ ಸುಧಾರಣೆಗಳು ಮತ್ತು ಅದಕ್ಕೆ ಎದುರಾಗಿರುವ ಸವಾಲುಗಳು' ಕುರಿತ ರಾಜ್ಯಮಟ್ಟದ ಕಾರ್ಯಾಗಾರ ಉದ್ಘಾಟಿಸಿ ಮಾತನಾಡಿ, ಭಾರತದಂತಹ ಅತಿ ದೊಡ್ಡ ಪ್ರಜಾಪ್ರಭುತ್ವ ರಾಷ್ಟ್ರದಲ್ಲಿ, ಪಾರದರ್ಶಕ ಚುನಾವಣೆ ನಡೆಸುವ ಮಹತ್ತರ ಹೊಣೆಯನ್ನು ಚುನಾವಣಾ ಆಯೋಗ ಯಶಸ್ವಿಯಾಗಿ ನಿಭಾಯಿಸುತ್ತಿದೆ,' ಎಂದರು. 'ಸಾಮಾಜಿಕ ಜಾಲತಾಣಗಳಲ್ಲಿ ಹರಿದಾಡುವ ಸುಳ್ಳು ಸುದ್ದಿಗಳು ಪ್ರಜಾಪ್ರಭುತ್ವಕ್ಕೆ ದೊಡ್ಡ ಸವಾಲಾಗಿವೆ. ಮತದಾರರನ್ನು ದಿಕ್ಕುತಪ್ಪಿಸುವ ಇಂತಹ ಪ್ರಯತ್ನಗಳನ್ನು ತಡೆಯಲು ಮತ್ತು ನಿಖರವಾದ
ದಾವಣಗೆರೆ ವಿವಿ ರಾಜ್ಯಶಾಸ್ತ್ರ ಅಧ್ಯಯನ ವಿಭಾಗ ಶುಕ್ರವಾರ ಏರ್ಪಡಿಸಿದ್ದ ಕಾರ್ಯಾಗಾರವನ್ನು ರಾಜ್ಯ ಚುನಾವಣಾ ಆಯುಕ್ತ ಜಿ.ಎಸ್. ಸಂಗ್ರೇಶಿ ಉದ್ಘಾಟಿಸಿದರು.
ಮಾಹಿತಿಯನ್ನು ಒದಗಿಸಲು ಚುನಾವಣಾ ಆಯೋಗವು ಸದಾ ಸನ್ನದ್ಧವಾಗಿದೆ. ಶಾಸನಸಭೆಗಳಲ್ಲಿ ಜನಸಾಮಾನ್ಯರ ಧ್ವನಿ ಮೊಳಗಬೇಕಾದರೆ, ಅವರ ಮತದಾನದ ಹಕ್ಕು ಯಾವುದೇ ಅಡೆತಡೆಯಿಲ್ಲದೆ ಚಲಾವಣೆಯಾಗಬೇಕು. ಈ ನಿಟ್ಟಿನಲ್ಲಿ ಚುನಾವಣಾ ಆಯೋಗವು ಕೇವಲ ಚುನಾವಣೆ ನಡೆಸುವ ಸಂಸ್ಥೆಯಾಗಿರದೆ, ಪ್ರಜಾಪ್ರಭುತ್ವದ ಕಾವಲುಗಾರನಾಗಿ ಕಾರ್ಯನಿರ್ವಹಿಸುತ್ತಿದೆ,' ಎಂದು ಹೇಳಿದರು.
ವಿಶೇಷ ಉಪನ್ಯಾಸ ನೀಡಿದ ತುಮಕೂರು ವಿಶ್ವವಿದ್ಯಾಲಯದ ಪ್ರಾಧ್ಯಾಪಕ ಡಾ.ಕೆ.ಸಿ.ಸುರೇಶ, ರಾಜಕೀಯ ಪಕ್ಷಗಳಿಗೆ ಮಾನ್ಯತೆ ನೀಡುವುದು, ಚಿಹ್ನೆಗಳನ್ನು ಹಂಚುವುದು, ಅಭ್ಯರ್ಥಿಗಳ ಚುನಾವಣಾ ವೆಚ್ಚದ ಮೇಲೆ ಹದ್ದಿನ ಕಣ್ಣಿಡುವುದು ಹಾಗೂ ಮಾದರಿ ನೀತಿ ಸಂಹಿತೆ ಜಾರಿಗೊಳಿಸುವ ಮೂಲಕ ಚುನಾವಣಾ ಭ್ರಷ್ಟಾಚಾರವನ್ನು ಆಯೋಗ ನಿಯಂತ್ರಿಸುತ್ತದೆ ಎಂದು ತಿಳಿಸಿದರು. ಇಂದಿನ ಡಿಜಿಟಲ್ ಯುಗದಲ್ಲಿ,
ಪಾರದರ್ಶಕತೆಯನ್ನು ಹೆಚ್ಚಿಸಲು ತಂತ್ರಜ್ಞಾನದ ಬಳಕೆ ಅನಿವಾರ್ಯವಾಗಿದೆ. ಇವಿಎಂ ಮತ್ತು ವಿವಿ ಪ್ಯಾಟ್‌ಗಳ ಬಳಕೆ ಮತದಾನದ ಪ್ರಕ್ರಿಯೆಯನ್ನು ಸರಳಗೊಳಿಸಿದೆ. 'ಸಿ-ವಿಜಿಲ್' ಆ್ಯಪ್‌ಗಳ ಮೂಲಕ ಚುನಾವಣಾ ಅಕ್ರಮಗಳ ಬಗ್ಗೆ ದೂರು ನೀಡಲು ಅವಕಾಶ ಕಲ್ಪಿಸಿರುವುದು ಕೆಲಸ ಮಾಡುತ್ತಿದೆ ಎಂದರು. ಕುಲಸಚಿವ ಎಸ್.ಬಿ.ಗಂಟಿ ಅಧ್ಯಕ್ಷತೆ ವಹಿಸಿದ್ದರು. ರಾಜ್ಯಶಾಸ್ತ್ರ ಅಧ್ಯಯನ ವಿಭಾಗದ ಅಧ್ಯಕ್ಷ ಪ್ರೊ.ಅಶೋಕ ಕುಮಾರ ಪಾಳೇದ ಪ್ರಾಸ್ತಾವಿಕವಾಗಿ ಮಾತನಾಡಿದರು. ಪ್ರಾಧ್ಯಾಪಕರಾದ ಪ್ರೊ.ಜೆ.ಕೆ.ರಾಜು, ಡಾ.ಟಿ.ಎಲ್. ಪ್ರವೀಣ, ಡಾ.ನಾಗರಾಜ, ಡಾ.ಬಸವರಾಜ ಬೆನಕನಹಳ್ಳಿ, ಡಾ.ಜ್ಯೋತಿ, ಡಾ. ನಾಗಭೂಷಣ ಗೌಡ, ಮದಕರಿನಾಯಕ, ಡಾ.ಯಶ್ವಶ್ರೀ, ಡಾ.ಸ್ವಾಮಿ, ಕಾರ್ಯಕ್ರಮ ಸಂಯೋಜಕ ಡಾ. ಶ್ರೀಧರ ಬಾರ್ಕಿ ಇತರರಿದ್ದರು.
